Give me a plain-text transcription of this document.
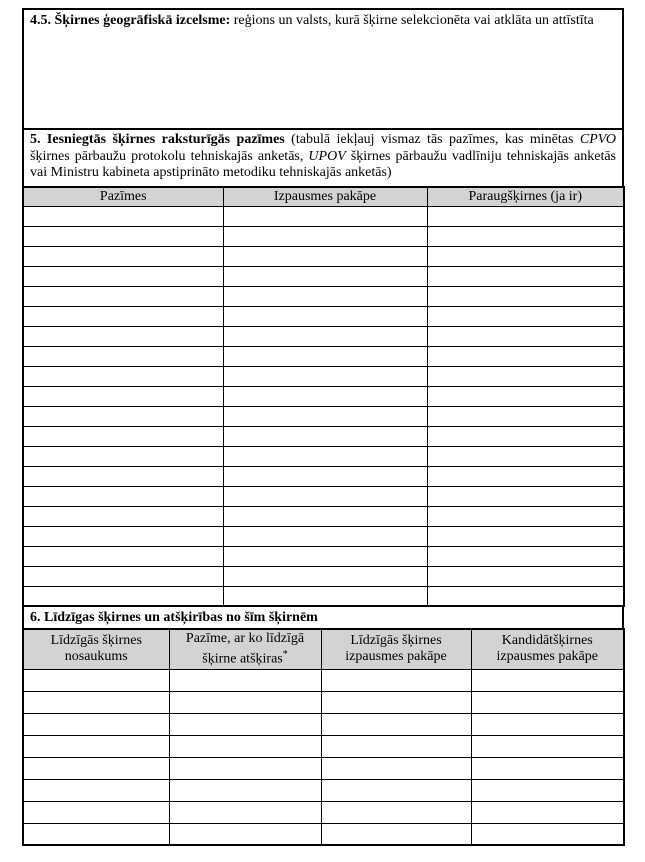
4.5. Šķirnes ģeogrāfiskā izcelsme: reģions un valsts, kurā šķirne selekcionēta vai atklāta un attīstīta

5. Iesniegtās šķirnes raksturīgās pazīmes (tabulā iekļauj vismaz tās pazīmes, kas minētas CPVO šķirnes pārbaužu protokolu tehniskajās anketās, UPOV šķirnes pārbaužu vadlīniju tehniskajās anketās vai Ministru kabineta apstiprināto metodiku tehniskajās anketās)

Pazīmes	Izpausmes pakāpe	Paraugšķirnes (ja ir)

6. Līdzīgas šķirnes un atšķirības no šīm šķirnēm
Līdzīgās šķirnes nosaukums	Pazīme, ar ko līdzīgā šķirne atšķiras*	Līdzīgās šķirnes izpausmes pakāpe	Kandidātšķirnes izpausmes pakāpe
